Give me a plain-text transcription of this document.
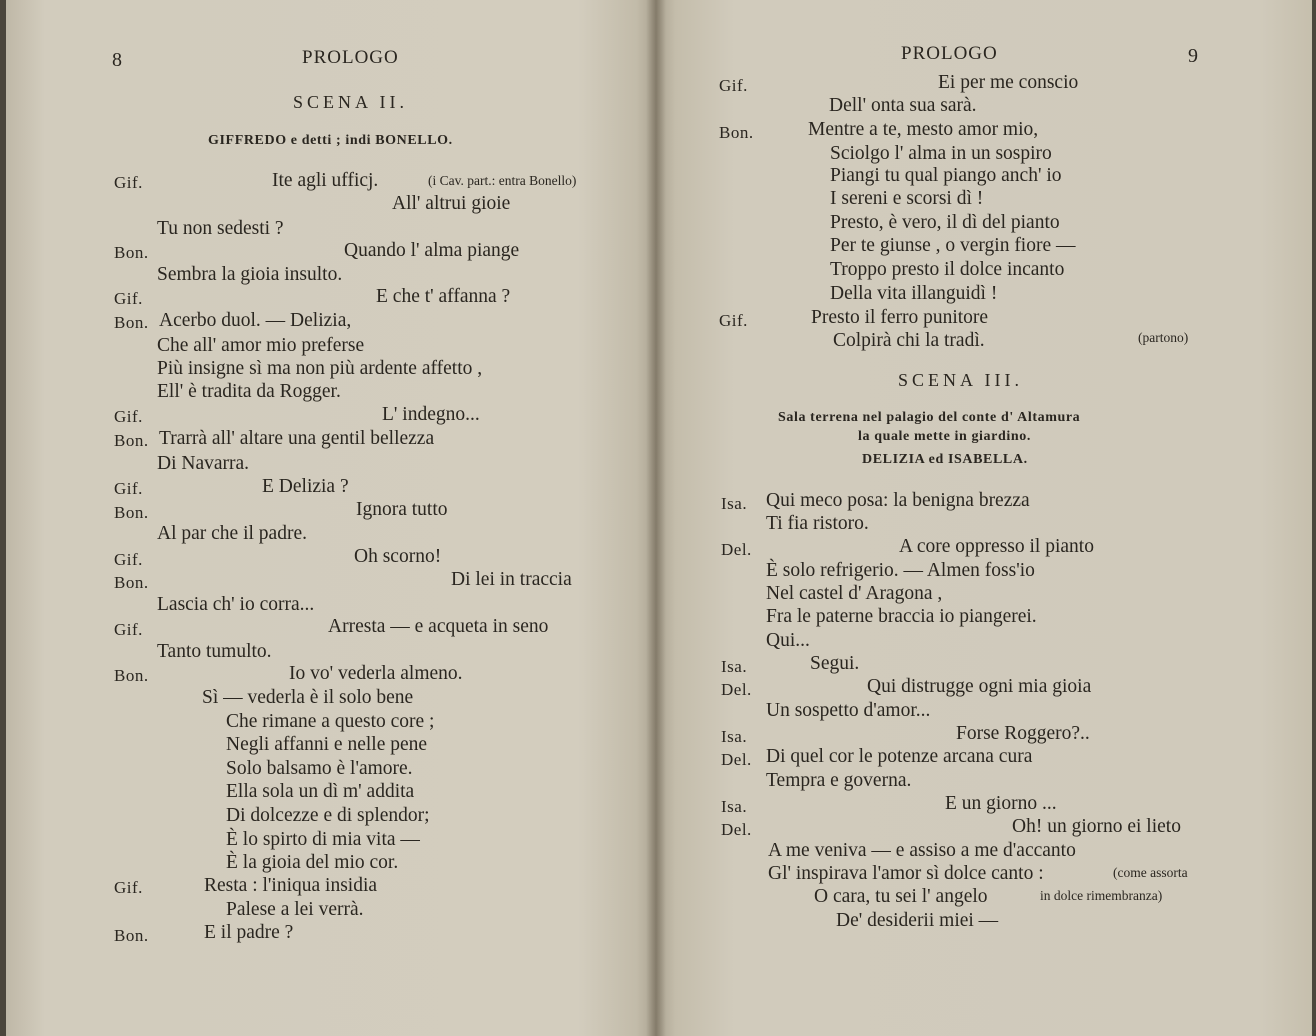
8	PROLOGO
SCENA II.
GIFFREDO e detti ; indi BONELLO.
Gif.	Ite agli ufficj.	(i Cav. part.: entra Bonello)
All' altrui gioie
Tu non sedesti ?
Bon.	Quando l' alma piange
Sembra la gioia insulto.
Gif.	E che t' affanna ?
Bon. Acerbo duol. — Delizia,
Che all' amor mio preferse
Più insigne sì ma non più ardente affetto ,
Ell' è tradita da Rogger.
Gif.	L' indegno...
Bon. Trarrà all' altare una gentil bellezza
Di Navarra.
Gif.	E Delizia ?
Bon.	Ignora tutto
Al par che il padre.
Gif.	Oh scorno!
Bon.	Di lei in traccia
Lascia ch' io corra...
Gif.	Arresta — e acqueta in seno
Tanto tumulto.
Bon.	Io vo' vederla almeno.
Sì — vederla è il solo bene
Che rimane a questo core ;
Negli affanni e nelle pene
Solo balsamo è l'amore.
Ella sola un dì m' addita
Di dolcezze e di splendor;
È lo spirto di mia vita —
È la gioia del mio cor.
Gif.	Resta : l'iniqua insidia
Palese a lei verrà.
Bon.	E il padre ?
PROLOGO	9
Gif.	Ei per me conscio
Dell' onta sua sarà.
Bon.	Mentre a te, mesto amor mio,
Sciolgo l' alma in un sospiro
Piangi tu qual piango anch' io
I sereni e scorsi dì !
Presto, è vero, il dì del pianto
Per te giunse , o vergin fiore —
Troppo presto il dolce incanto
Della vita illanguidì !
Gif.	Presto il ferro punitore
Colpirà chi la tradì.	(partono)
SCENA III.
Sala terrena nel palagio del conte d' Altamura
la quale mette in giardino.
DELIZIA ed ISABELLA.
Isa. Qui meco posa: la benigna brezza
Ti fia ristoro.
Del.	A core oppresso il pianto
È solo refrigerio. — Almen foss'io
Nel castel d' Aragona ,
Fra le paterne braccia io piangerei.
Qui...
Isa.	Segui.
Del.	Qui distrugge ogni mia gioia
Un sospetto d'amor...
Isa.	Forse Roggero?..
Del. Di quel cor le potenze arcana cura
Tempra e governa.
Isa.	E un giorno ...
Del.	Oh! un giorno ei lieto
A me veniva — e assiso a me d'accanto
Gl' inspirava l'amor sì dolce canto :	(come assorta
O cara, tu sei l' angelo	in dolce rimembranza)
De' desiderii miei —
